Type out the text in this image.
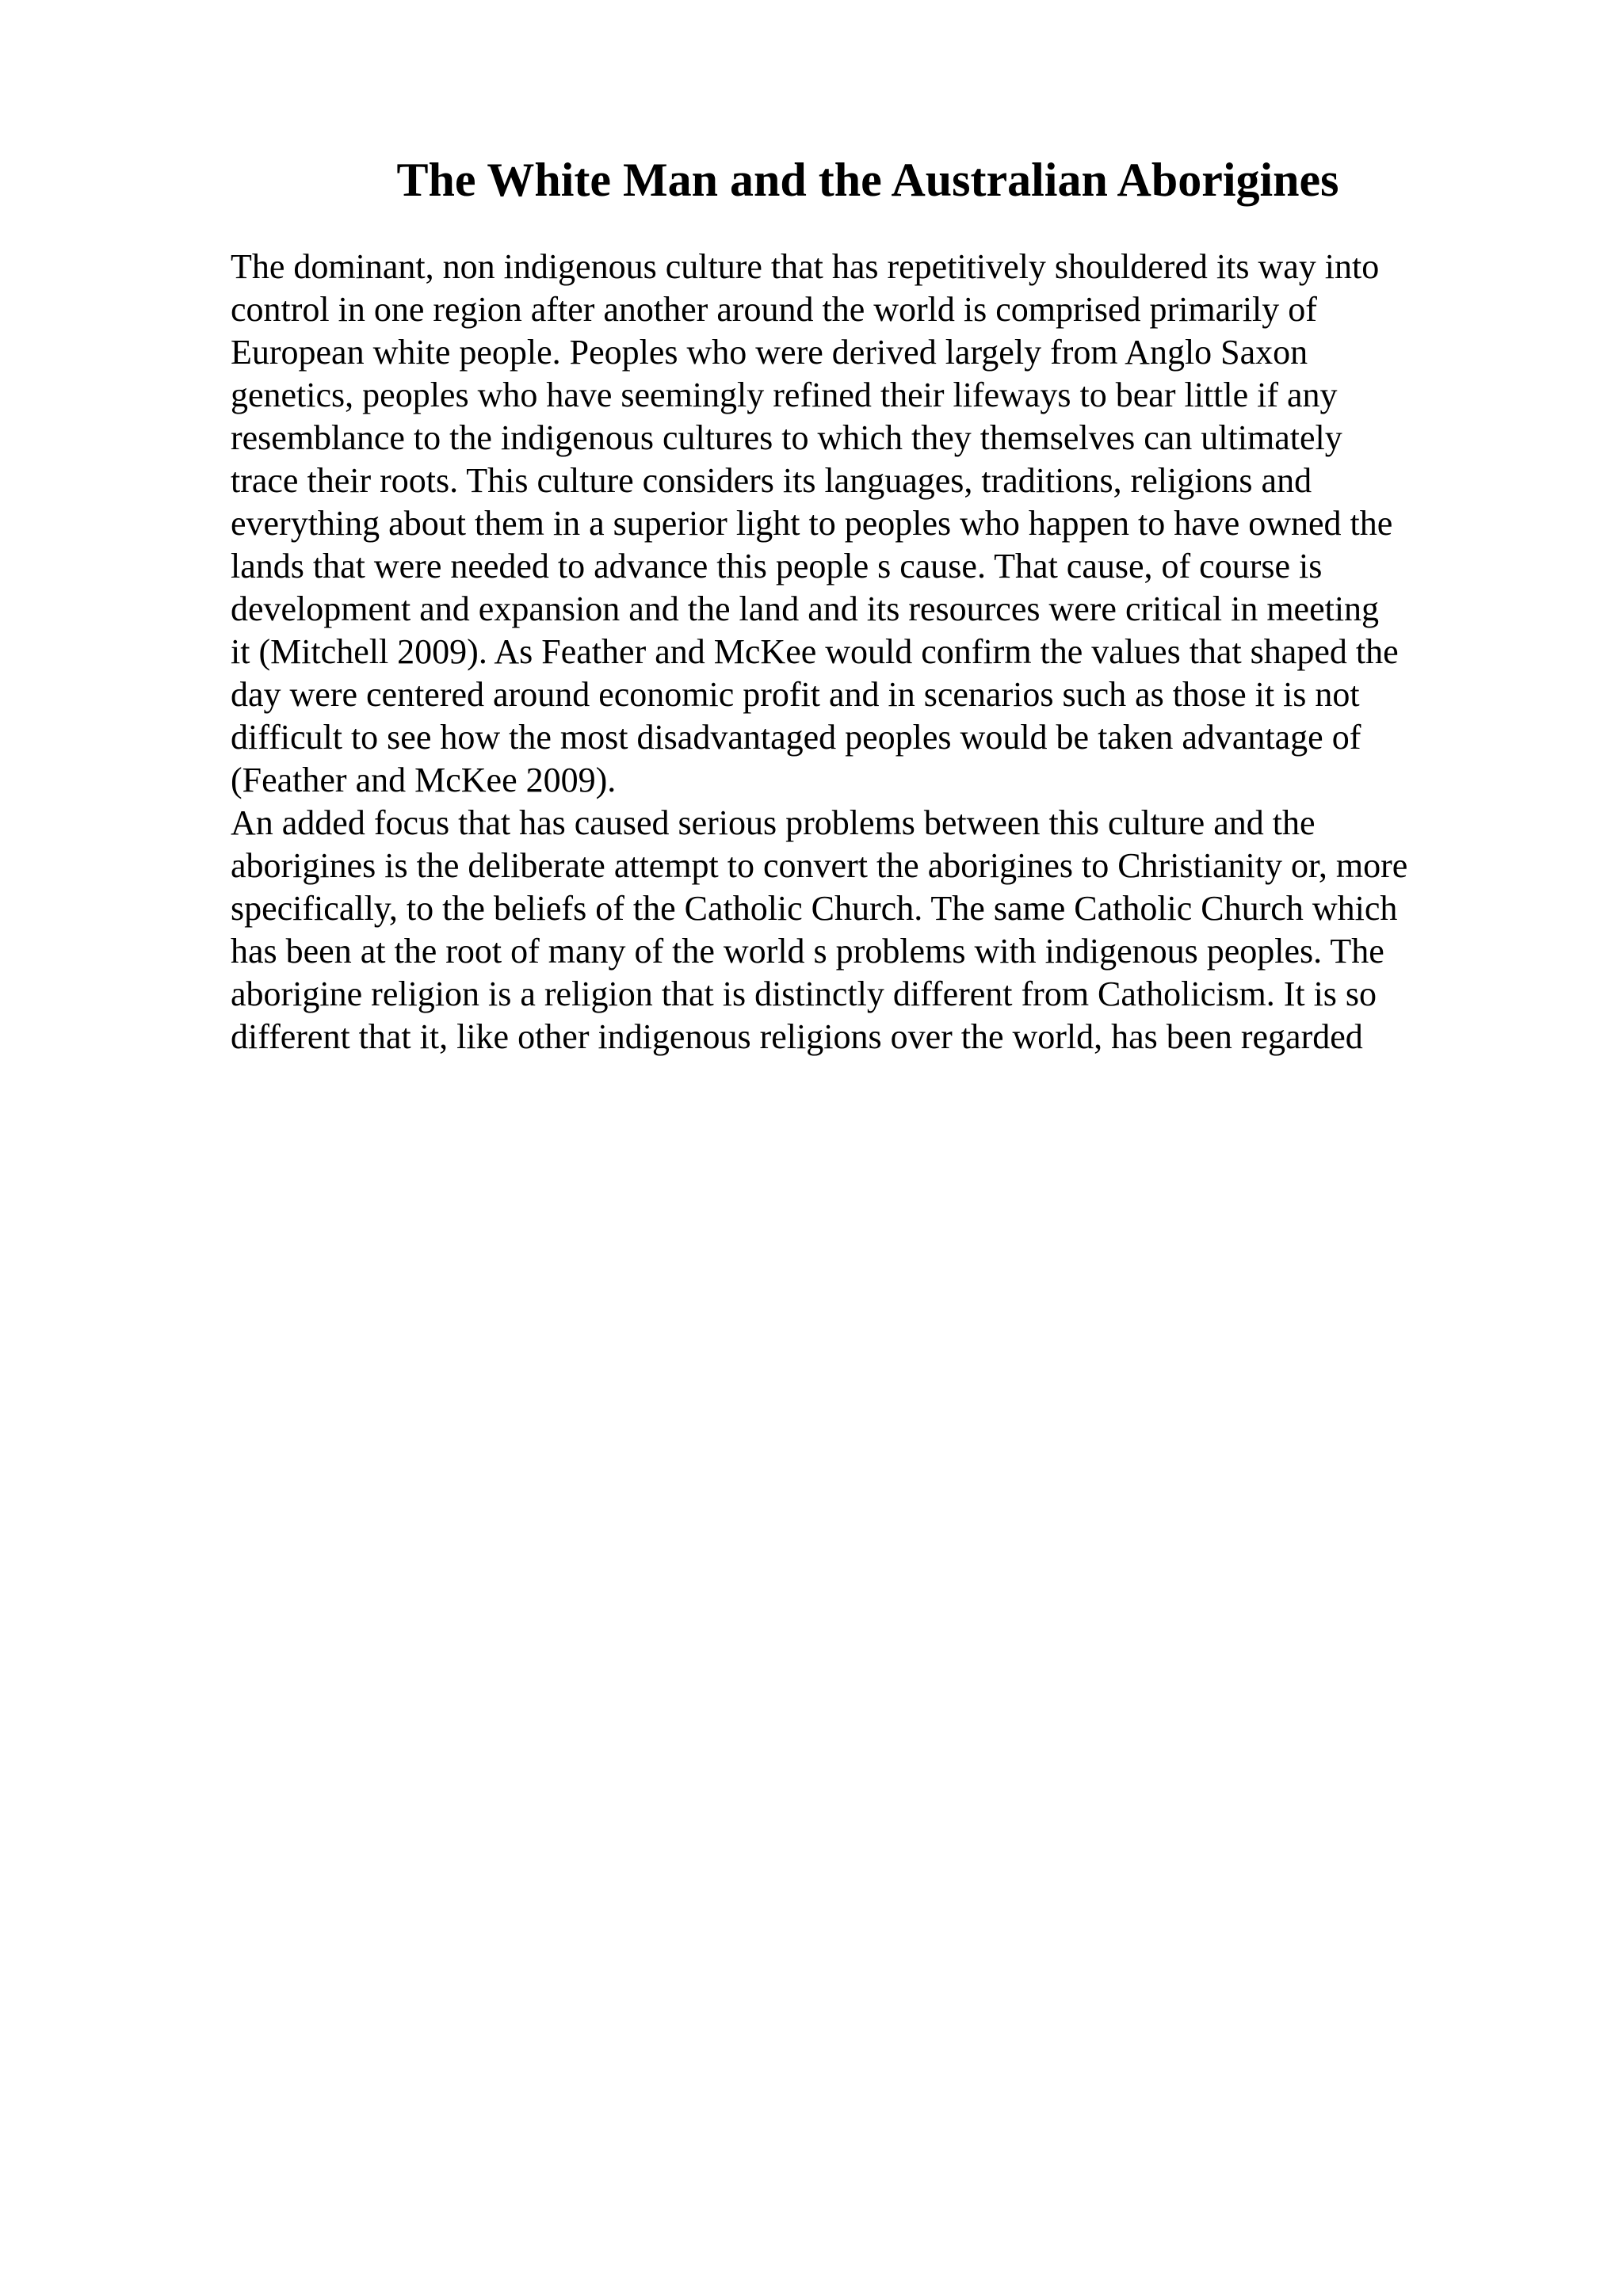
The White Man and the Australian Aborigines
The dominant, non indigenous culture that has repetitively shouldered its way into
control in one region after another around the world is comprised primarily of
European white people. Peoples who were derived largely from Anglo Saxon
genetics, peoples who have seemingly refined their lifeways to bear little if any
resemblance to the indigenous cultures to which they themselves can ultimately
trace their roots. This culture considers its languages, traditions, religions and
everything about them in a superior light to peoples who happen to have owned the
lands that were needed to advance this people s cause. That cause, of course is
development and expansion and the land and its resources were critical in meeting
it (Mitchell 2009). As Feather and McKee would confirm the values that shaped the
day were centered around economic profit and in scenarios such as those it is not
difficult to see how the most disadvantaged peoples would be taken advantage of
(Feather and McKee 2009).
An added focus that has caused serious problems between this culture and the
aborigines is the deliberate attempt to convert the aborigines to Christianity or, more
specifically, to the beliefs of the Catholic Church. The same Catholic Church which
has been at the root of many of the world s problems with indigenous peoples. The
aborigine religion is a religion that is distinctly different from Catholicism. It is so
different that it, like other indigenous religions over the world, has been regarded
